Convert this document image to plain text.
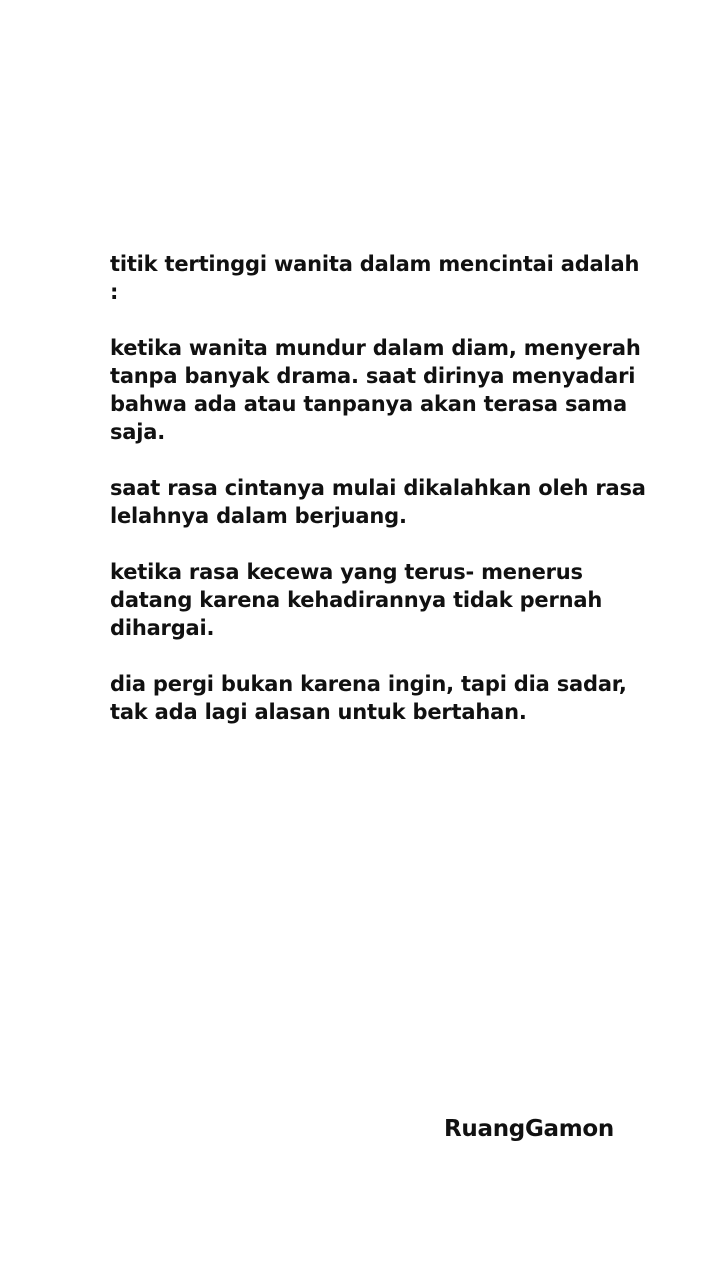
titik tertinggi wanita dalam mencintai adalah :

ketika wanita mundur dalam diam, menyerah tanpa banyak drama. saat dirinya menyadari bahwa ada atau tanpanya akan terasa sama saja.

saat rasa cintanya mulai dikalahkan oleh rasa lelahnya dalam berjuang.

ketika rasa kecewa yang terus- menerus datang karena kehadirannya tidak pernah dihargai.

dia pergi bukan karena ingin, tapi dia sadar, tak ada lagi alasan untuk bertahan.

RuangGamon
